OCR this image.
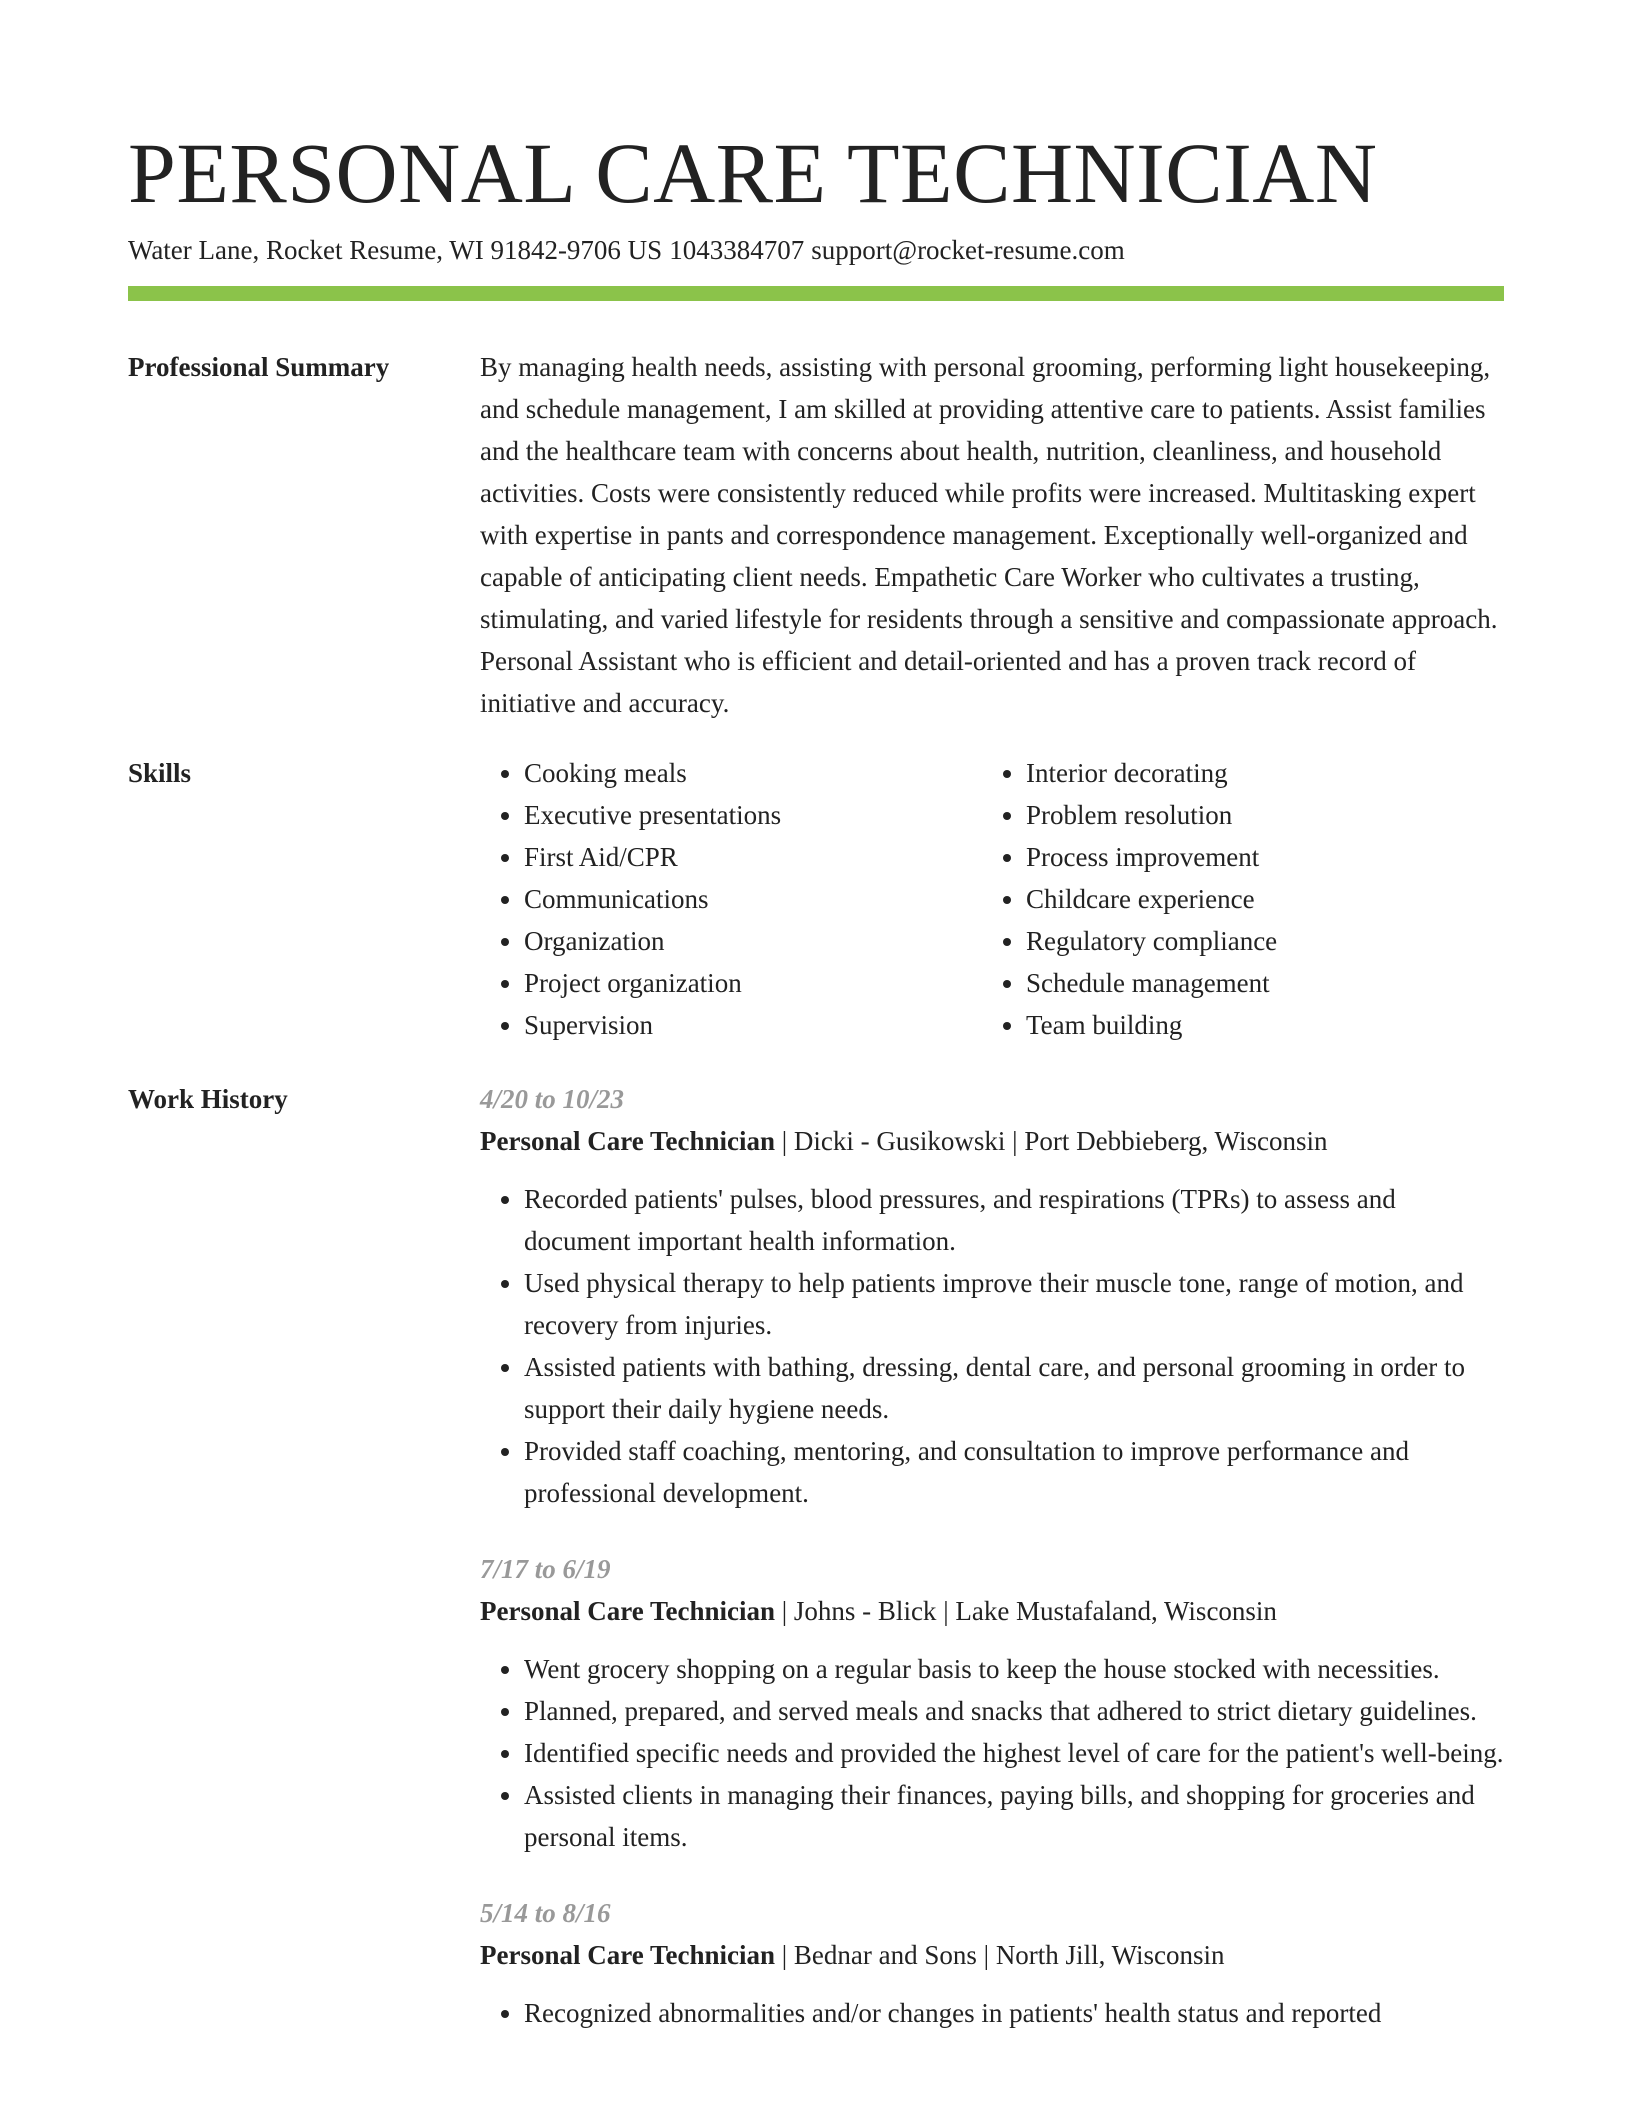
PERSONAL CARE TECHNICIAN
Water Lane, Rocket Resume, WI 91842-9706 US 1043384707 support@rocket-resume.com
Professional Summary	By managing health needs, assisting with personal grooming, performing light housekeeping, and schedule management, I am skilled at providing attentive care to patients. Assist families and the healthcare team with concerns about health, nutrition, cleanliness, and household activities. Costs were consistently reduced while profits were increased. Multitasking expert with expertise in pants and correspondence management. Exceptionally well-organized and capable of anticipating client needs. Empathetic Care Worker who cultivates a trusting, stimulating, and varied lifestyle for residents through a sensitive and compassionate approach. Personal Assistant who is efficient and detail-oriented and has a proven track record of initiative and accuracy.

Skills
•	Cooking meals
• Executive presentations
• First Aid/CPR
• Communications
• Organization
• Project organization
• Supervision
• Interior decorating
• Problem resolution
• Process improvement
• Childcare experience
• Regulatory compliance
• Schedule management
• Team building
Work History	4/20 to 10/23
Personal Care Technician | Dicki - Gusikowski | Port Debbieberg, Wisconsin
• Recorded patients' pulses, blood pressures, and respirations (TPRs) to assess and document important health information.
• Used physical therapy to help patients improve their muscle tone, range of motion, and recovery from injuries.
• Assisted patients with bathing, dressing, dental care, and personal grooming in order to support their daily hygiene needs.
• Provided staff coaching, mentoring, and consultation to improve performance and professional development.
7/17 to 6/19
Personal Care Technician | Johns - Blick | Lake Mustafaland, Wisconsin
• Went grocery shopping on a regular basis to keep the house stocked with necessities.
• Planned, prepared, and served meals and snacks that adhered to strict dietary guidelines.
• Identified specific needs and provided the highest level of care for the patient's well-being.
• Assisted clients in managing their finances, paying bills, and shopping for groceries and personal items.
5/14 to 8/16
Personal Care Technician | Bednar and Sons | North Jill, Wisconsin
• Recognized abnormalities and/or changes in patients' health status and reported
